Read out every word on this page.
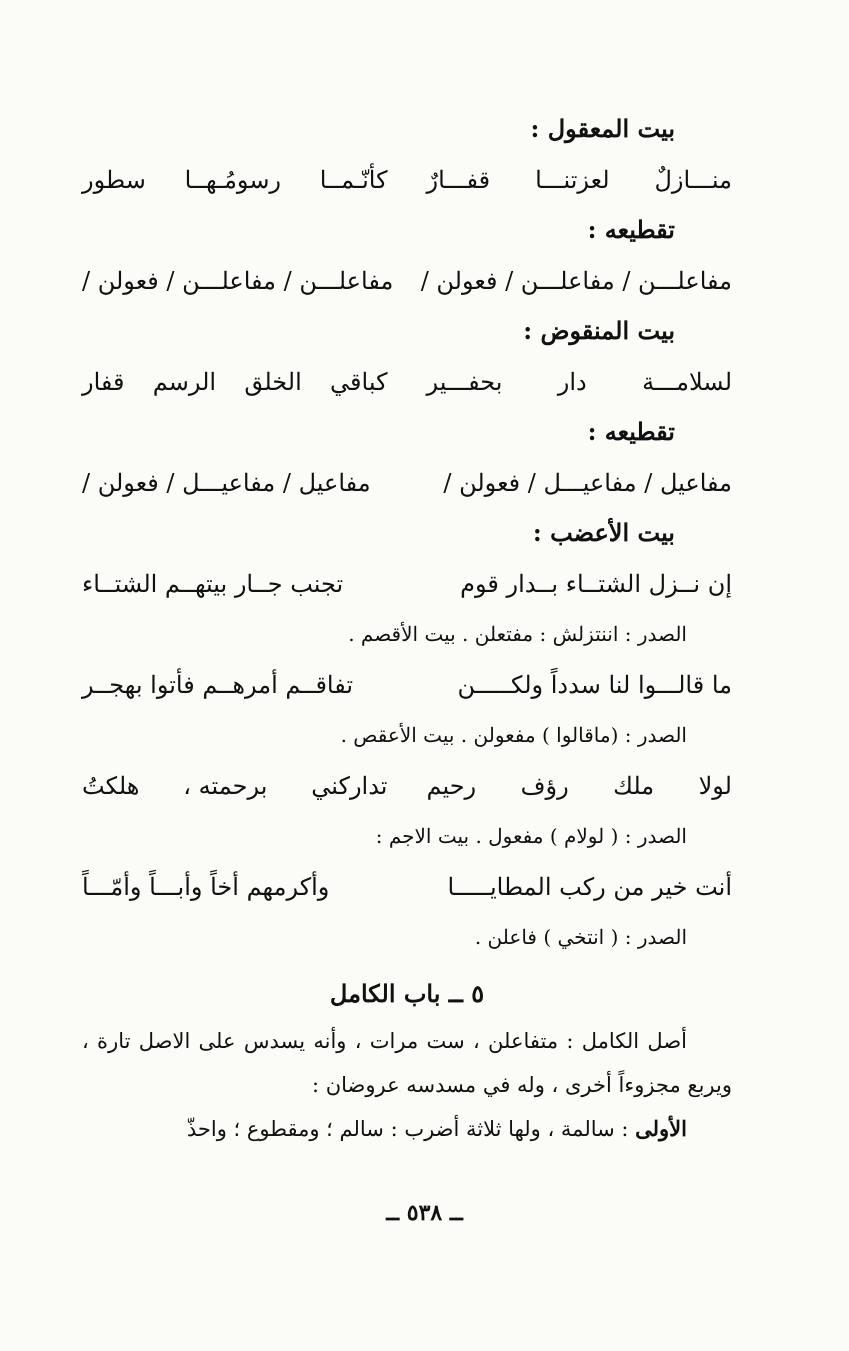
بيت المعقول :
منـــازلٌ
لعزتنـــا
قفـــارٌ
كأنّـمــا
رسومُـهــا
سطور
تقطيعه :
مفاعلـــن / مفاعلـــن / فعولن /
مفاعلـــن / مفاعلـــن / فعولن /
بيت المنقوض :
لسلامـــة
دار
بحفـــير
كباقي
الخلق
الرسم
قفار
تقطيعه :
مفاعيل / مفاعيـــل / فعولن /
مفاعيل / مفاعيـــل / فعولن /
بيت الأعضب :
إن نــزل الشتــاء بــدار قوم
تجنب جــار بيتهــم الشتــاء
الصدر : اننتزلش : مفتعلن . بيت الأقصم .
ما قالـــوا لنا سدداً ولكـــــن
تفاقــم أمرهــم فأتوا بهجــر
الصدر : (ماقالوا ) مفعولن . بيت الأعقص .
لولا
ملك
رؤف
رحيم
تداركني
برحمته ،
هلكتُ
الصدر : ( لولام ) مفعول . بيت الاجم :
أنت خير من ركب المطايـــــا
وأكرمهم أخاً وأبـــاً وأمّـــاً
الصدر : ( انتخي ) فاعلن .
٥ ــ باب الكامل
أصل الكامل : متفاعلن ، ست مرات ، وأنه يسدس على الاصل تارة ، ويربع مجزوءاً أخرى ، وله في مسدسه عروضان :
الأولى : سالمة ، ولها ثلاثة أضرب : سالم ؛ ومقطوع ؛ واحذّ
ــ ٥٣٨ ــ
